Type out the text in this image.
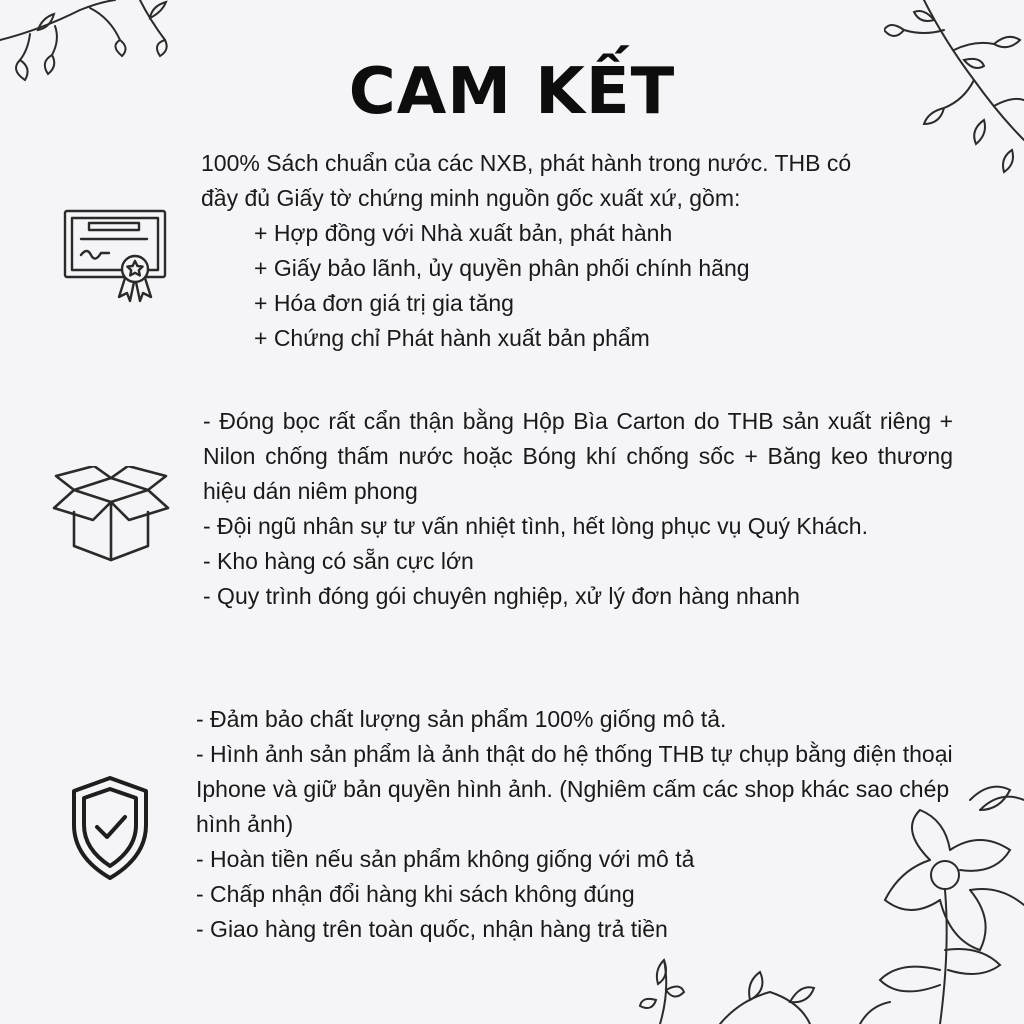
CAM KẾT

100% Sách chuẩn của các NXB, phát hành trong nước. THB có

đầy đủ Giấy tờ chứng minh nguồn gốc xuất xứ, gồm:

+ Hợp đồng với Nhà xuất bản, phát hành

+ Giấy bảo lãnh, ủy quyền phân phối chính hãng

+ Hóa đơn giá trị gia tăng

+ Chứng chỉ Phát hành xuất bản phẩm

- Đóng bọc rất cẩn thận bằng Hộp Bìa Carton do THB sản xuất riêng + Nilon chống thấm nước hoặc Bóng khí chống sốc + Băng keo thương hiệu dán niêm phong

- Đội ngũ nhân sự tư vấn nhiệt tình, hết lòng phục vụ Quý Khách.

- Kho hàng có sẵn cực lớn

- Quy trình đóng gói chuyên nghiệp, xử lý đơn hàng nhanh

- Đảm bảo chất lượng sản phẩm 100% giống mô tả.

- Hình ảnh sản phẩm là ảnh thật do hệ thống THB tự chụp bằng điện thoại Iphone và giữ bản quyền hình ảnh. (Nghiêm cấm các shop khác sao chép hình ảnh)

- Hoàn tiền nếu sản phẩm không giống với mô tả

- Chấp nhận đổi hàng khi sách không đúng

- Giao hàng trên toàn quốc, nhận hàng trả tiền
